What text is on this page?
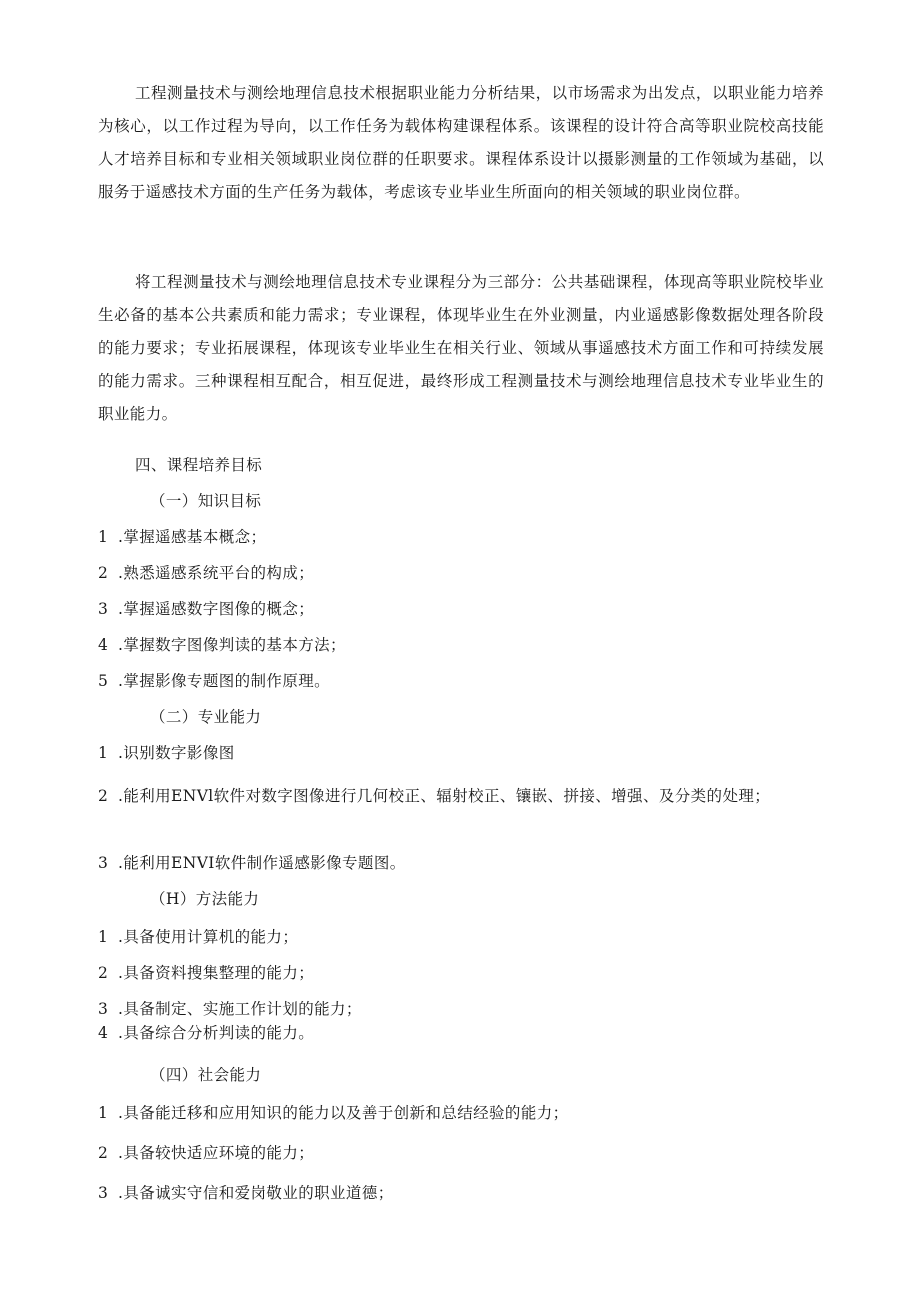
工程测量技术与测绘地理信息技术根据职业能力分析结果，以市场需求为出发点，以职业能力培养为核心，以工作过程为导向，以工作任务为载体构建课程体系。该课程的设计符合高等职业院校高技能人才培养目标和专业相关领域职业岗位群的任职要求。课程体系设计以摄影测量的工作领域为基础，以服务于遥感技术方面的生产任务为载体，考虑该专业毕业生所面向的相关领域的职业岗位群。

将工程测量技术与测绘地理信息技术专业课程分为三部分：公共基础课程，体现高等职业院校毕业生必备的基本公共素质和能力需求；专业课程，体现毕业生在外业测量，内业遥感影像数据处理各阶段的能力要求；专业拓展课程，体现该专业毕业生在相关行业、领域从事遥感技术方面工作和可持续发展的能力需求。三种课程相互配合，相互促进，最终形成工程测量技术与测绘地理信息技术专业毕业生的职业能力。

四、课程培养目标
（一）知识目标
1 .掌握遥感基本概念；
2 .熟悉遥感系统平台的构成；
3 .掌握遥感数字图像的概念；
4 .掌握数字图像判读的基本方法；
5 .掌握影像专题图的制作原理。
（二）专业能力
1 .识别数字影像图
2 .能利用ENVl软件对数字图像进行几何校正、辐射校正、镶嵌、拼接、增强、及分类的处理；
3 .能利用ENVI软件制作遥感影像专题图。
（H）方法能力
1 .具备使用计算机的能力；
2 .具备资料搜集整理的能力；
3 .具备制定、实施工作计划的能力；
4 .具备综合分析判读的能力。
（四）社会能力
1 .具备能迁移和应用知识的能力以及善于创新和总结经验的能力；
2 .具备较快适应环境的能力；
3 .具备诚实守信和爱岗敬业的职业道德；
